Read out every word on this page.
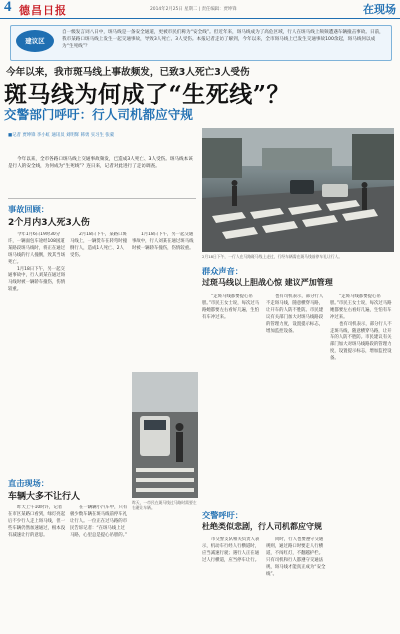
4 德昌日报	2014年2月25日 星期二 | 责任编辑：贾坤锋	在现场
建议区
自一级发言词八日中，斑马线是一条安全通道，更被市民们称为“安全线”。但近年来，斑马线成为了高危区域，行人在斑马线上频频遭遇车辆撞击事故。日前，我市某路口斑马线上发生一起交通事故，导致3人死亡、3人受伤。本报记者走访了解到，今年以来，全市斑马线上已发生交通事故100余起，斑马线何以成为“生死线”？
今年以来，我市斑马线上事故频发，已致3人死亡3人受伤
斑马线为何成了“生死线”？
交警部门呼吁：行人司机都应守规
2月18日下午，一行人在马路斑马线上走过，行经车辆需在斑马线前停车礼让行人。
■记者 贾坤锋 李小虹 通讯员 刘明辉 韩勇 实习生 张蒙
今年以来，全市各路口斑马线上交通事故频发，已造成3人死亡、3人受伤。斑马线本该是行人的安全线，为何成为“生死线”？连日来，记者对此进行了走访调查。
事故回顾：
2个月内3人死3人伤

今年1月6日19时30分许，一辆面包车途经108国道某路段斑马线时，将正在通过斑马线的行人撞倒，致其当场死亡。

1月18日下午，另一起交通事故中，行人刘某在通过斑马线时被一辆轿车撞伤，伤情较重。

2月18日下午，某路口斑马线上，一辆货车在转弯时撞倒行人，造成1人死亡、2人受伤。

1月18日下午，另一起交通事故中，行人刘某在通过斑马线时被一辆轿车撞伤，伤情较重。

直击现场：
车辆大多不让行人

昨天上午10时许，记者在市区某路口看到，绿灯亮起后不少行人走上斑马线，但一些车辆仍然加速通过，根本没有减速让行的意思。

在一辆辆小汽车中，只有极少数车辆在斑马线前停车礼让行人。一位正在过马路的市民告诉记者：“在斑马线上过马路，心里总是提心吊胆的。”

昨天，一市民在斑马线过马路时需要左右避让车辆。
群众声音：
过斑马线以上胆战心惊 建议严加管理

“走斑马线都要提心吊胆。”市民王女士说，每次过马路她都要左右看好几遍，生怕有车冲过来。

也有司机表示，部分行人不走斑马线，随意横穿马路，让开车的人防不胜防。市民建议有关部门加大对斑马线路段的管理力度，设置提示标志，增加监控设备。

“走斑马线都要提心吊胆。”市民王女士说，每次过马路她都要左右看好几遍，生怕有车冲过来。

也有司机表示，部分行人不走斑马线，随意横穿马路，让开车的人防不胜防。市民建议有关部门加大对斑马线路段的管理力度，设置提示标志，增加监控设备。

交警呼吁：
杜绝类似悲剧，行人司机都应守规

市交警支队相关负责人表示，机动车行经人行横道时，应当减速行驶；遇行人正在通过人行横道，应当停车让行。

同时，行人也要遵守交通规则，通过路口时要走人行横道，不闯红灯，不翻越护栏。只有司机和行人都遵守交通法规，斑马线才能真正成为“安全线”。
